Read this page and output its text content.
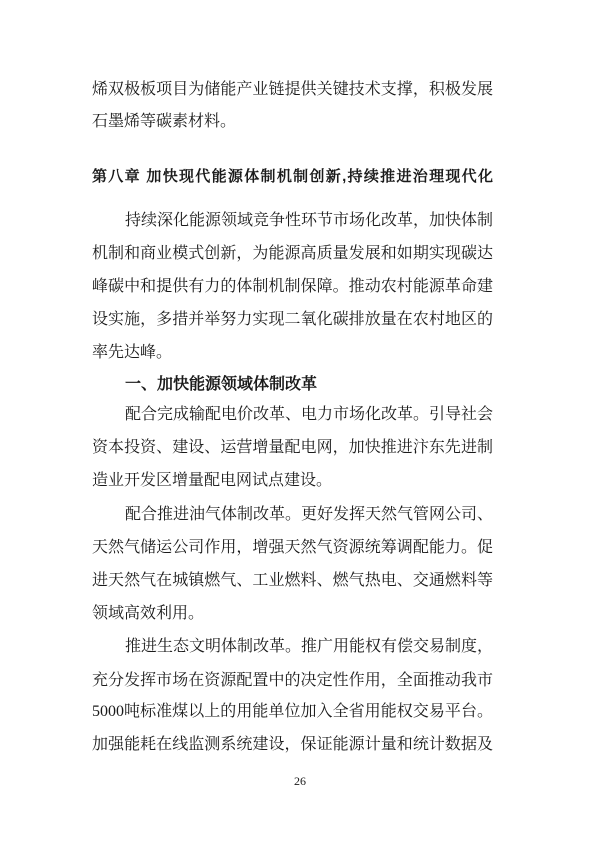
烯双极板项目为储能产业链提供关键技术支撑，积极发展
石墨烯等碳素材料。
第八章 加快现代能源体制机制创新,持续推进治理现代化
持续深化能源领域竞争性环节市场化改革，加快体制
机制和商业模式创新，为能源高质量发展和如期实现碳达
峰碳中和提供有力的体制机制保障。推动农村能源革命建
设实施，多措并举努力实现二氧化碳排放量在农村地区的
率先达峰。
一、加快能源领域体制改革
配合完成输配电价改革、电力市场化改革。引导社会
资本投资、建设、运营增量配电网，加快推进汴东先进制
造业开发区增量配电网试点建设。
配合推进油气体制改革。更好发挥天然气管网公司、
天然气储运公司作用，增强天然气资源统筹调配能力。促
进天然气在城镇燃气、工业燃料、燃气热电、交通燃料等
领域高效利用。
推进生态文明体制改革。推广用能权有偿交易制度，
充分发挥市场在资源配置中的决定性作用，全面推动我市
5000吨标准煤以上的用能单位加入全省用能权交易平台。
加强能耗在线监测系统建设，保证能源计量和统计数据及
26
